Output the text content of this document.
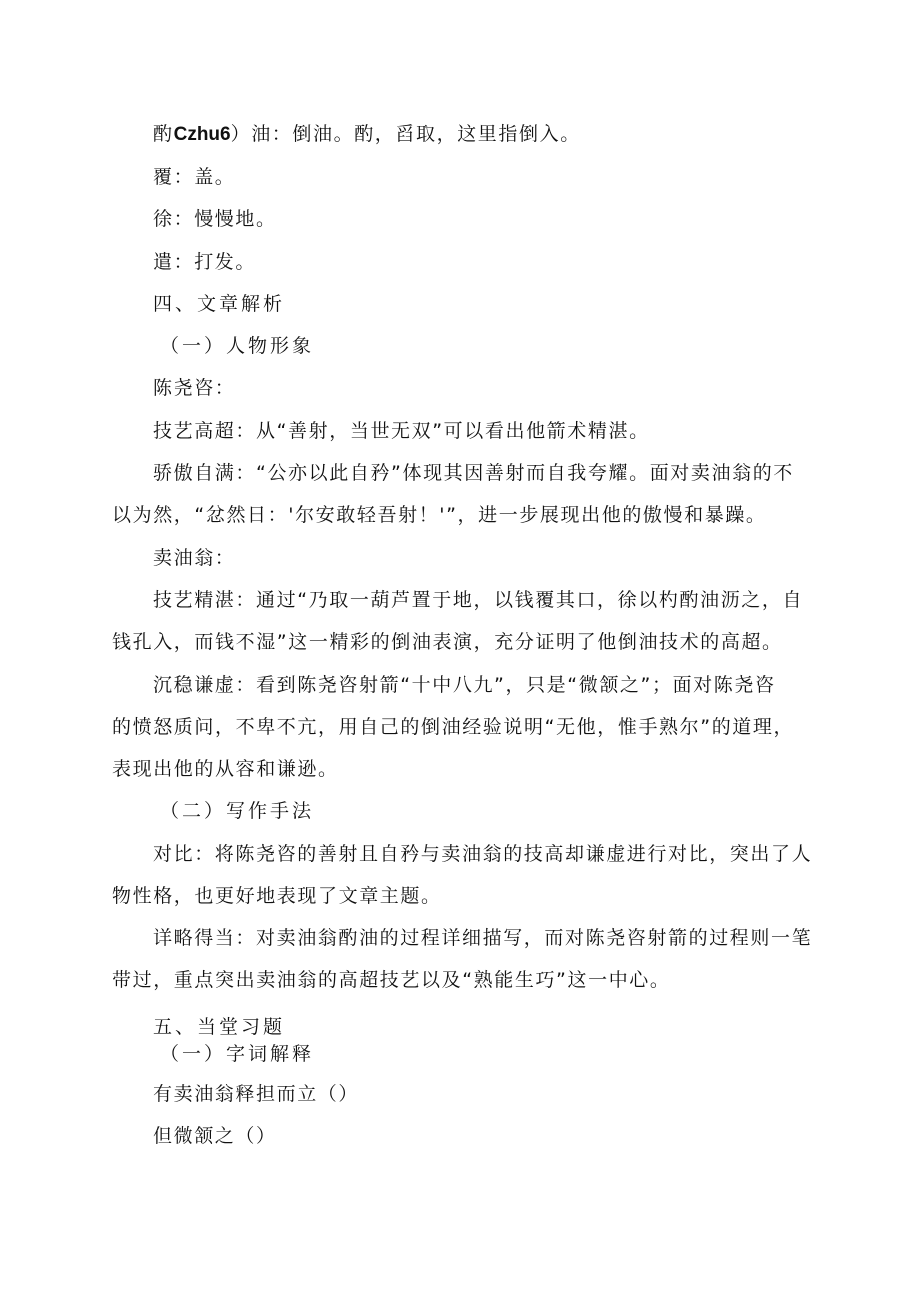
酌Czhu6）油：倒油。酌，舀取，这里指倒入。
覆：盖。
徐：慢慢地。
遣：打发。
四、文章解析
（一）人物形象
陈尧咨：
技艺高超：从“善射，当世无双”可以看出他箭术精湛。
骄傲自满：“公亦以此自矜”体现其因善射而自我夸耀。面对卖油翁的不
以为然，“忿然日：'尔安敢轻吾射！'”，进一步展现出他的傲慢和暴躁。
卖油翁：
技艺精湛：通过“乃取一葫芦置于地，以钱覆其口，徐以杓酌油沥之，自
钱孔入，而钱不湿”这一精彩的倒油表演，充分证明了他倒油技术的高超。
沉稳谦虚：看到陈尧咨射箭“十中八九”，只是“微颔之”；面对陈尧咨
的愤怒质问，不卑不亢，用自己的倒油经验说明“无他，惟手熟尔”的道理，
表现出他的从容和谦逊。
（二）写作手法
对比：将陈尧咨的善射且自矜与卖油翁的技高却谦虚进行对比，突出了人
物性格，也更好地表现了文章主题。
详略得当：对卖油翁酌油的过程详细描写，而对陈尧咨射箭的过程则一笔
带过，重点突出卖油翁的高超技艺以及“熟能生巧”这一中心。
五、当堂习题
（一）字词解释
有卖油翁释担而立（）
但微颔之（）
